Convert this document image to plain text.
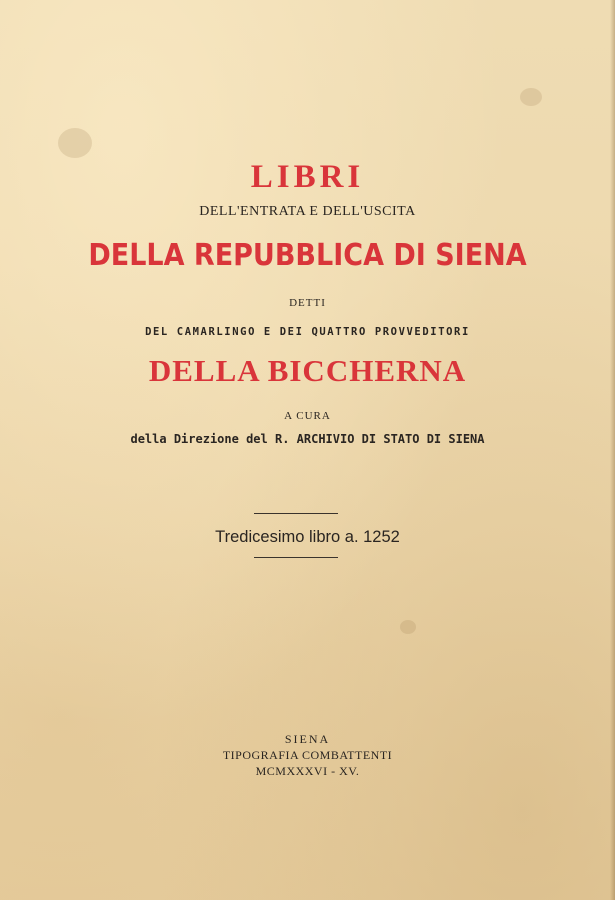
LIBRI

DELL'ENTRATA E DELL'USCITA

DELLA REPUBBLICA DI SIENA

DETTI

DEL CAMARLINGO E DEI QUATTRO PROVVEDITORI

DELLA BICCHERNA

A CURA

della Direzione del R. ARCHIVIO DI STATO DI SIENA

Tredicesimo libro a. 1252

SIENA

TIPOGRAFIA COMBATTENTI

MCMXXXVI - XV.
